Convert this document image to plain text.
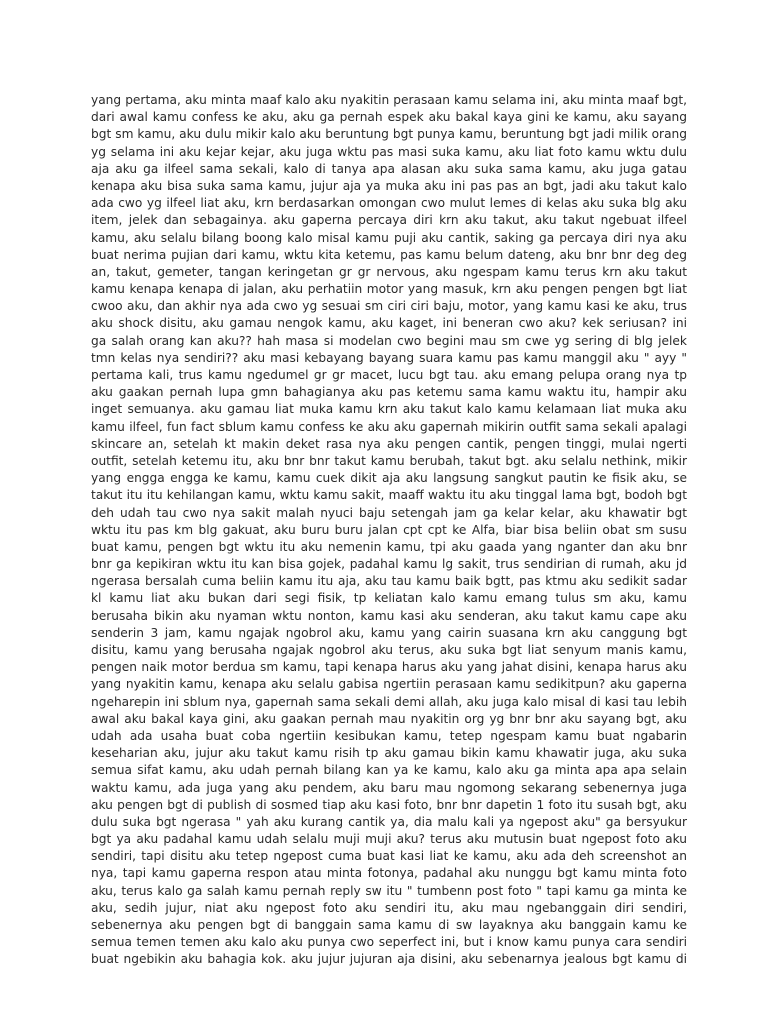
yang pertama, aku minta maaf kalo aku nyakitin perasaan kamu selama ini, aku minta maaf bgt,
dari awal kamu confess ke aku, aku ga pernah espek aku bakal kaya gini ke kamu, aku sayang
bgt sm kamu, aku dulu mikir kalo aku beruntung bgt punya kamu, beruntung bgt jadi milik orang
yg selama ini aku kejar kejar, aku juga wktu pas masi suka kamu, aku liat foto kamu wktu dulu
aja aku ga ilfeel sama sekali, kalo di tanya apa alasan aku suka sama kamu, aku juga gatau
kenapa aku bisa suka sama kamu, jujur aja ya muka aku ini pas pas an bgt, jadi aku takut kalo
ada cwo yg ilfeel liat aku, krn berdasarkan omongan cwo mulut lemes di kelas aku suka blg aku
item, jelek dan sebagainya. aku gaperna percaya diri krn aku takut, aku takut ngebuat ilfeel
kamu, aku selalu bilang boong kalo misal kamu puji aku cantik, saking ga percaya diri nya aku
buat nerima pujian dari kamu, wktu kita ketemu, pas kamu belum dateng, aku bnr bnr deg deg
an, takut, gemeter, tangan keringetan gr gr nervous, aku ngespam kamu terus krn aku takut
kamu kenapa kenapa di jalan, aku perhatiin motor yang masuk, krn aku pengen pengen bgt liat
cwoo aku, dan akhir nya ada cwo yg sesuai sm ciri ciri baju, motor, yang kamu kasi ke aku, trus
aku shock disitu, aku gamau nengok kamu, aku kaget, ini beneran cwo aku? kek seriusan? ini
ga salah orang kan aku?? hah masa si modelan cwo begini mau sm cwe yg sering di blg jelek
tmn kelas nya sendiri?? aku masi kebayang bayang suara kamu pas kamu manggil aku " ayy "
pertama kali, trus kamu ngedumel gr gr macet, lucu bgt tau. aku emang pelupa orang nya tp
aku gaakan pernah lupa gmn bahagianya aku pas ketemu sama kamu waktu itu, hampir aku
inget semuanya. aku gamau liat muka kamu krn aku takut kalo kamu kelamaan liat muka aku
kamu ilfeel, fun fact sblum kamu confess ke aku aku gapernah mikirin outfit sama sekali apalagi
skincare an, setelah kt makin deket rasa nya aku pengen cantik, pengen tinggi, mulai ngerti
outfit, setelah ketemu itu, aku bnr bnr takut kamu berubah, takut bgt. aku selalu nethink, mikir
yang engga engga ke kamu, kamu cuek dikit aja aku langsung sangkut pautin ke fisik aku, se
takut itu itu kehilangan kamu, wktu kamu sakit, maaff waktu itu aku tinggal lama bgt, bodoh bgt
deh udah tau cwo nya sakit malah nyuci baju setengah jam ga kelar kelar, aku khawatir bgt
wktu itu pas km blg gakuat, aku buru buru jalan cpt cpt ke Alfa, biar bisa beliin obat sm susu
buat kamu, pengen bgt wktu itu aku nemenin kamu, tpi aku gaada yang nganter dan aku bnr
bnr ga kepikiran wktu itu kan bisa gojek, padahal kamu lg sakit, trus sendirian di rumah, aku jd
ngerasa bersalah cuma beliin kamu itu aja, aku tau kamu baik bgtt, pas ktmu aku sedikit sadar
kl kamu liat aku bukan dari segi fisik, tp keliatan kalo kamu emang tulus sm aku, kamu
berusaha bikin aku nyaman wktu nonton, kamu kasi aku senderan, aku takut kamu cape aku
senderin 3 jam, kamu ngajak ngobrol aku, kamu yang cairin suasana krn aku canggung bgt
disitu, kamu yang berusaha ngajak ngobrol aku terus, aku suka bgt liat senyum manis kamu,
pengen naik motor berdua sm kamu, tapi kenapa harus aku yang jahat disini, kenapa harus aku
yang nyakitin kamu, kenapa aku selalu gabisa ngertiin perasaan kamu sedikitpun? aku gaperna
ngeharepin ini sblum nya, gapernah sama sekali demi allah, aku juga kalo misal di kasi tau lebih
awal aku bakal kaya gini, aku gaakan pernah mau nyakitin org yg bnr bnr aku sayang bgt, aku
udah ada usaha buat coba ngertiin kesibukan kamu, tetep ngespam kamu buat ngabarin
keseharian aku, jujur aku takut kamu risih tp aku gamau bikin kamu khawatir juga, aku suka
semua sifat kamu, aku udah pernah bilang kan ya ke kamu, kalo aku ga minta apa apa selain
waktu kamu, ada juga yang aku pendem, aku baru mau ngomong sekarang sebenernya juga
aku pengen bgt di publish di sosmed tiap aku kasi foto, bnr bnr dapetin 1 foto itu susah bgt, aku
dulu suka bgt ngerasa " yah aku kurang cantik ya, dia malu kali ya ngepost aku" ga bersyukur
bgt ya aku padahal kamu udah selalu muji muji aku? terus aku mutusin buat ngepost foto aku
sendiri, tapi disitu aku tetep ngepost cuma buat kasi liat ke kamu, aku ada deh screenshot an
nya, tapi kamu gaperna respon atau minta fotonya, padahal aku nunggu bgt kamu minta foto
aku, terus kalo ga salah kamu pernah reply sw itu " tumbenn post foto " tapi kamu ga minta ke
aku, sedih jujur, niat aku ngepost foto aku sendiri itu, aku mau ngebanggain diri sendiri,
sebenernya aku pengen bgt di banggain sama kamu di sw layaknya aku banggain kamu ke
semua temen temen aku kalo aku punya cwo seperfect ini, but i know kamu punya cara sendiri
buat ngebikin aku bahagia kok. aku jujur jujuran aja disini, aku sebenarnya jealous bgt kamu di
